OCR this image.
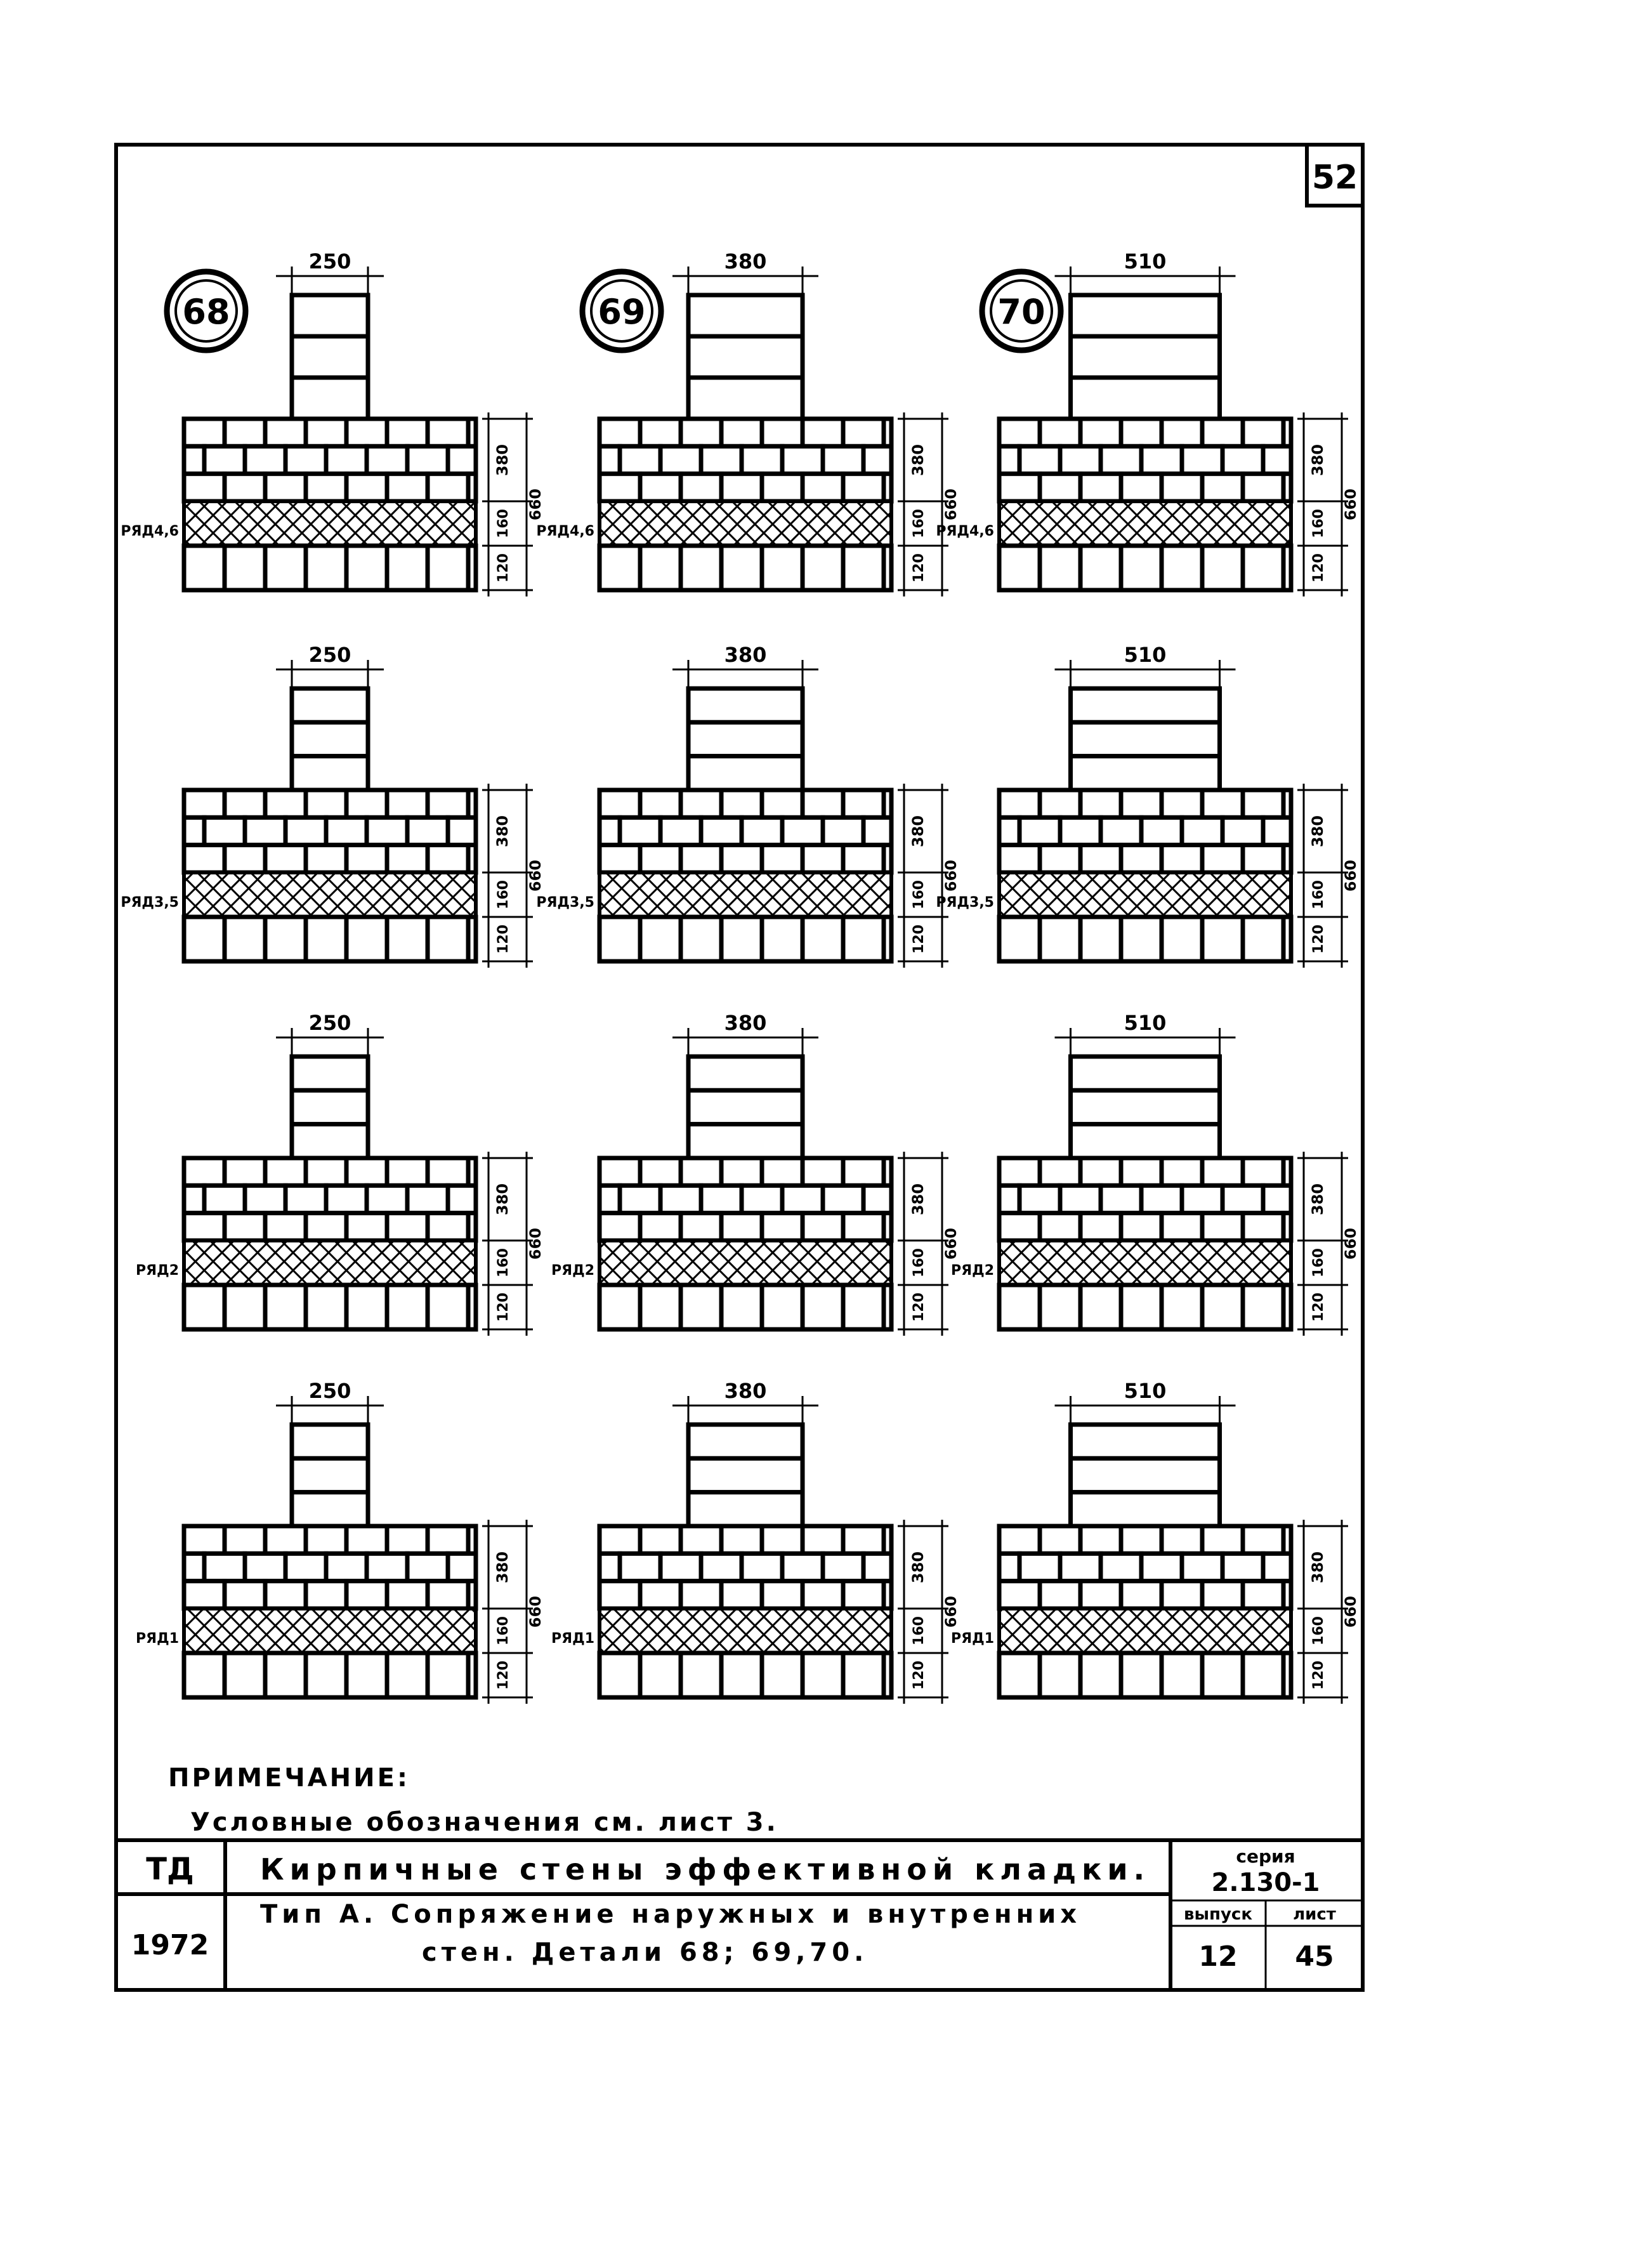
52
68
250
РЯД4,6
380
160
120
660
250
РЯД3,5
380
160
120
660
250
РЯД2
380
160
120
660
250
РЯД1
380
160
120
660
69
380
РЯД4,6
380
160
120
660
380
РЯД3,5
380
160
120
660
380
РЯД2
380
160
120
660
380
РЯД1
380
160
120
660
70
510
РЯД4,6
380
160
120
660
510
РЯД3,5
380
160
120
660
510
РЯД2
380
160
120
660
510
РЯД1
380
160
120
660
ПРИМЕЧАНИЕ:
Условные обозначения см. лист 3.
ТД
1972
Кирпичные стены эффективной кладки.
Тип А. Сопряжение наружных и внутренних
стен. Детали 68; 69,70.
серия
2.130-1
выпуск
12
лист
45
